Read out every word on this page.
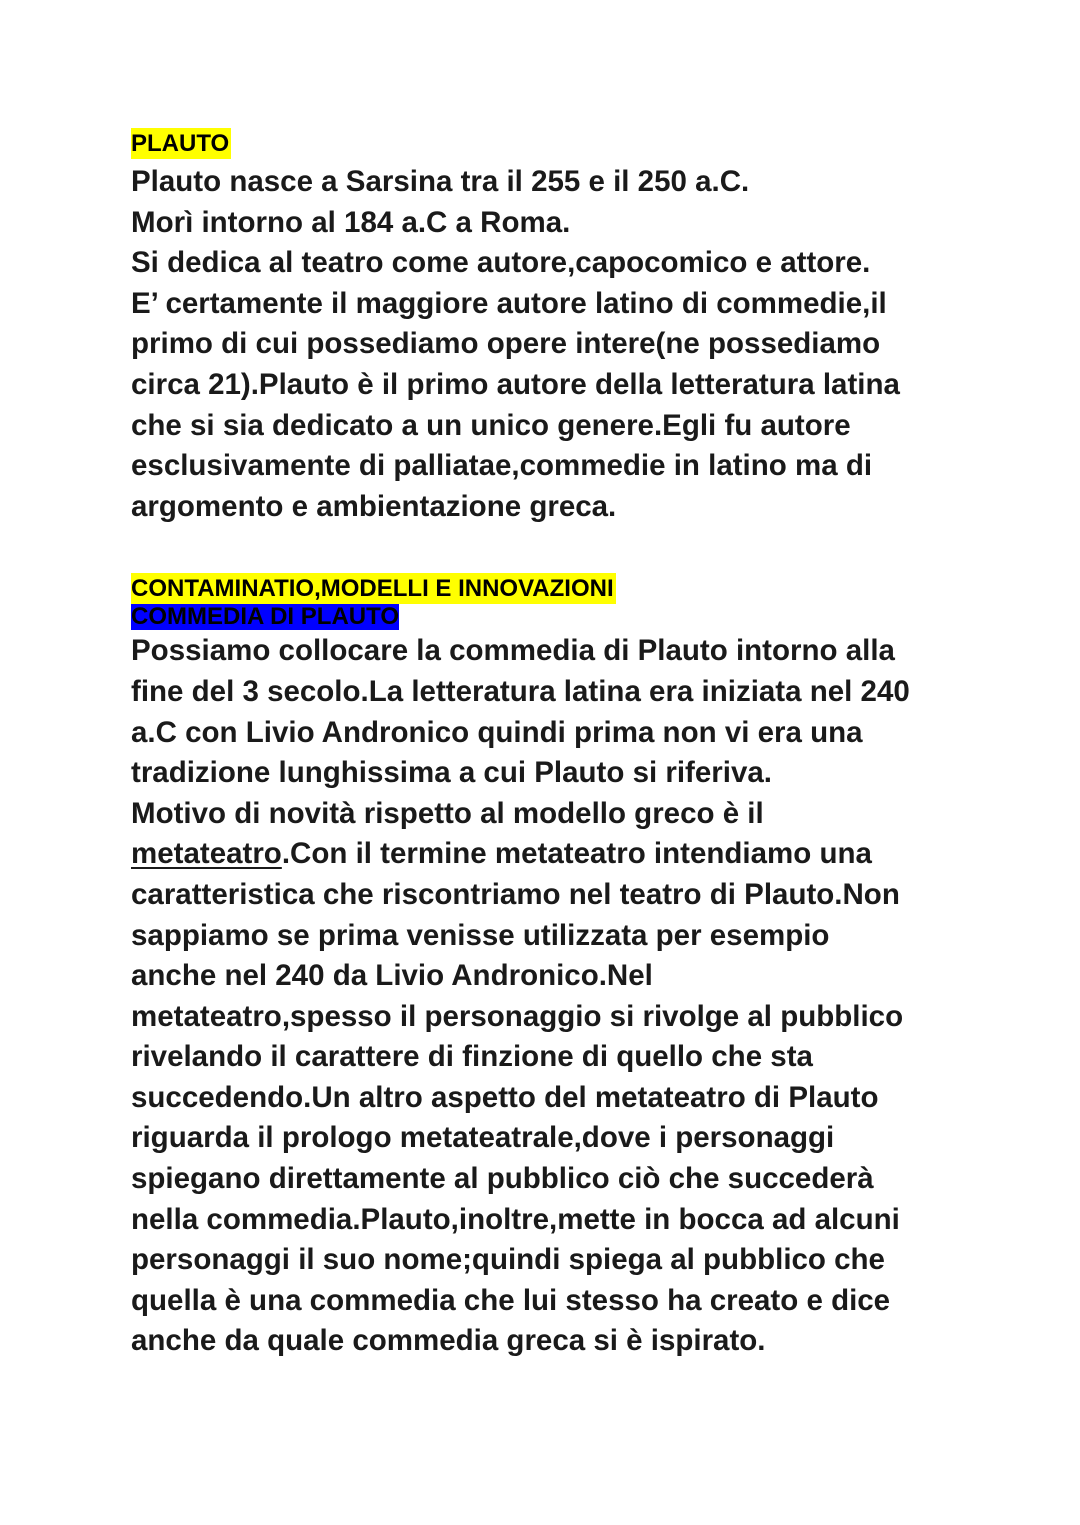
PLAUTO
Plauto nasce a Sarsina tra il 255 e il 250 a.C.
Morì intorno al 184 a.C a Roma.
Si dedica al teatro come autore,capocomico e attore.
E’ certamente il maggiore autore latino di commedie,il
primo di cui possediamo opere intere(ne possediamo
circa 21).Plauto è il primo autore della letteratura latina
che si sia dedicato a un unico genere.Egli fu autore
esclusivamente di palliatae,commedie in latino ma di
argomento e ambientazione greca.
CONTAMINATIO,MODELLI E INNOVAZIONI
COMMEDIA DI PLAUTO
Possiamo collocare la commedia di Plauto intorno alla
fine del 3 secolo.La letteratura latina era iniziata nel 240
a.C con Livio Andronico quindi prima non vi era una
tradizione lunghissima a cui Plauto si riferiva.
Motivo di novità rispetto al modello greco è il
metateatro.Con il termine metateatro intendiamo una
caratteristica che riscontriamo nel teatro di Plauto.Non
sappiamo se prima venisse utilizzata per esempio
anche nel 240 da Livio Andronico.Nel
metateatro,spesso il personaggio si rivolge al pubblico
rivelando il carattere di finzione di quello che sta
succedendo.Un altro aspetto del metateatro di Plauto
riguarda il prologo metateatrale,dove i personaggi
spiegano direttamente al pubblico ciò che succederà
nella commedia.Plauto,inoltre,mette in bocca ad alcuni
personaggi il suo nome;quindi spiega al pubblico che
quella è una commedia che lui stesso ha creato e dice
anche da quale commedia greca si è ispirato.
